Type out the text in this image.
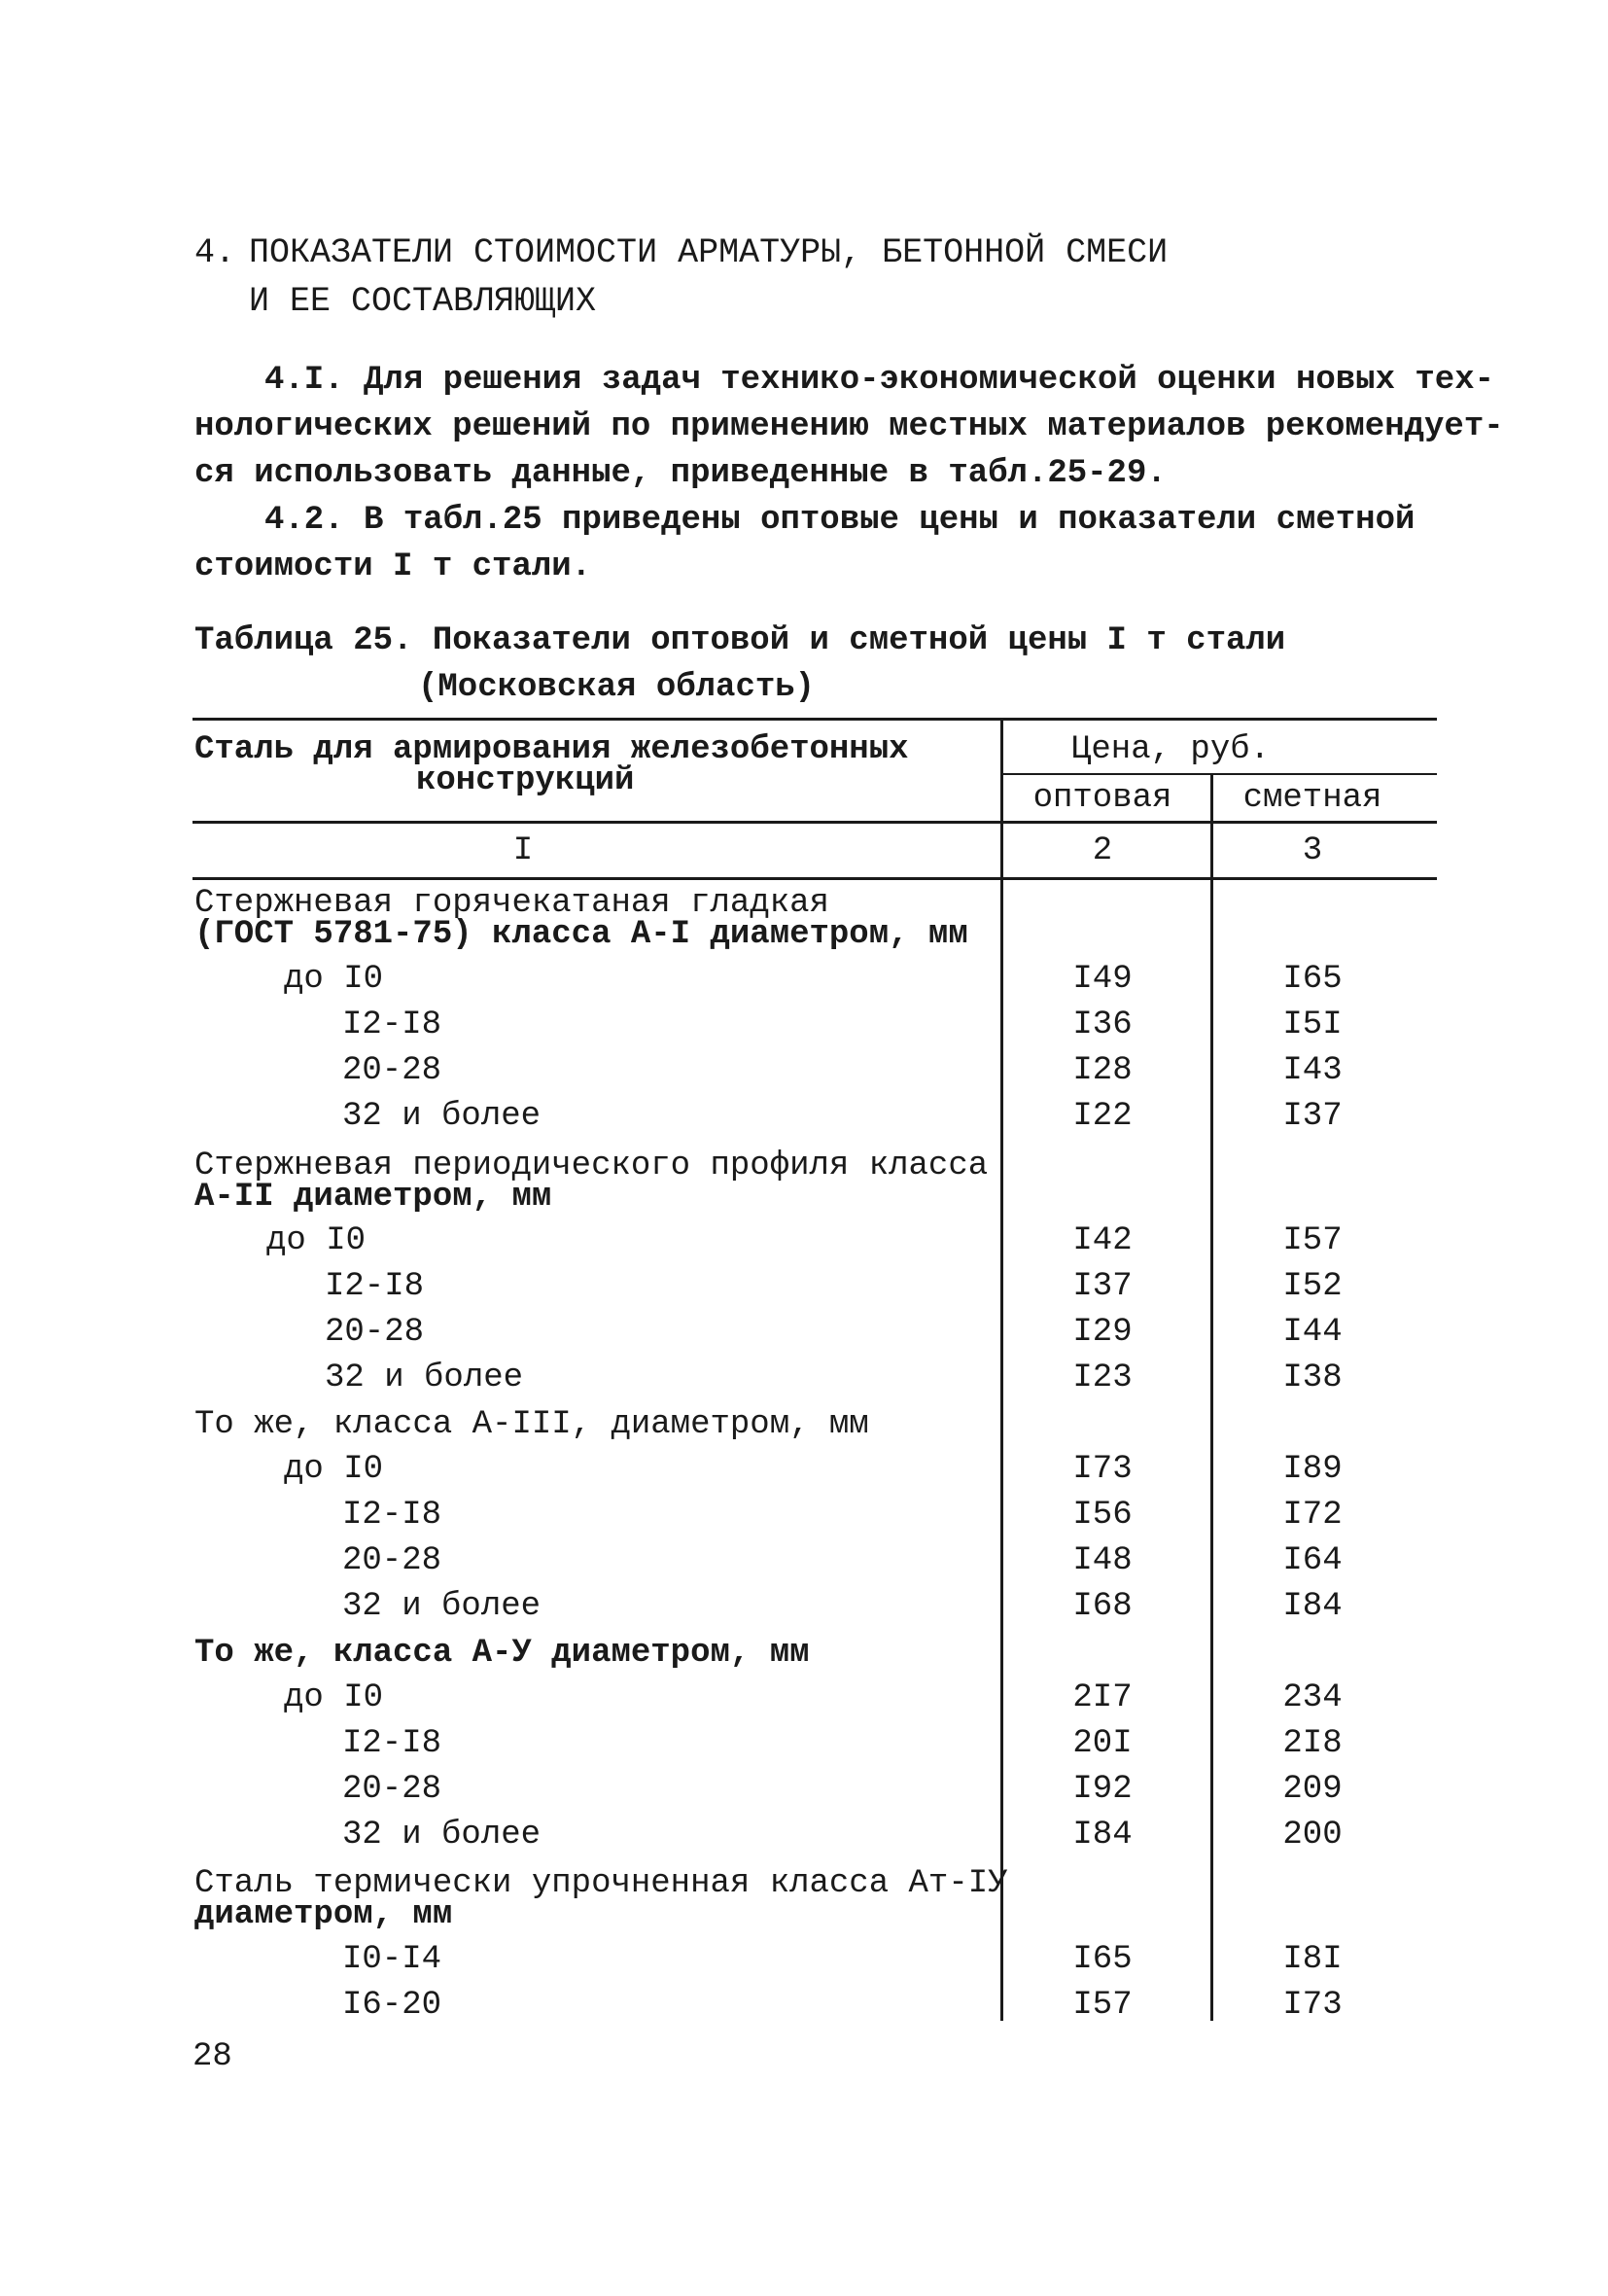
4. ПОКАЗАТЕЛИ СТОИМОСТИ АРМАТУРЫ, БЕТОННОЙ СМЕСИ
И ЕЕ СОСТАВЛЯЮЩИХ
4.I. Для решения задач технико-экономической оценки новых тех-
нологических решений по применению местных материалов рекомендует-
ся использовать данные, приведенные в табл.25-29.
4.2. В табл.25 приведены оптовые цены и показатели сметной
стоимости I т стали.
Таблица 25. Показатели оптовой и сметной цены I т стали
(Московская область)
Сталь для армирования железобетонных
конструкций
Цена, руб.
оптовая	сметная
I	2	3
Стержневая горячекатаная гладкая
(ГОСТ 5781-75) класса А-I диаметром, мм
до I0	I49	I65
I2-I8	I36	I5I
20-28	I28	I43
32 и более	I22	I37
Стержневая периодического профиля класса
А-II диаметром, мм
до I0	I42	I57
I2-I8	I37	I52
20-28	I29	I44
32 и более	I23	I38
То же, класса А-III, диаметром, мм
до I0	I73	I89
I2-I8	I56	I72
20-28	I48	I64
32 и более	I68	I84
То же, класса А-У диаметром, мм
до I0	2I7	234
I2-I8	20I	2I8
20-28	I92	209
32 и более	I84	200
Сталь термически упрочненная класса Ат-IУ
диаметром, мм
I0-I4	I65	I8I
I6-20	I57	I73
28
